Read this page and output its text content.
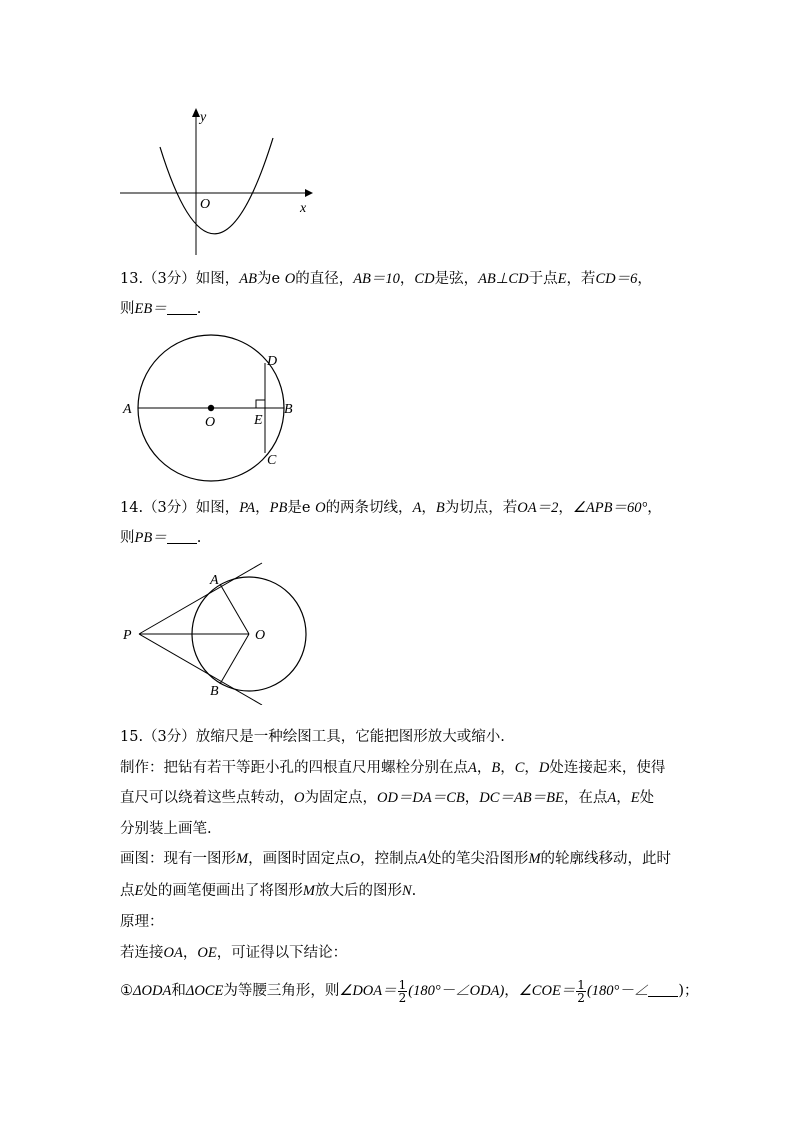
y
x
O
13.（3分）如图，AB为e O的直径，AB＝10，CD是弦，AB⊥CD于点E，若CD＝6，
则EB＝ .
A	B
O	E
D
C
14.（3分）如图，PA，PB是e O的两条切线，A，B为切点，若OA＝2，∠APB＝60°，
则PB＝ .
A
B
P	O
15.（3分）放缩尺是一种绘图工具，它能把图形放大或缩小.
制作：把钻有若干等距小孔的四根直尺用螺栓分别在点A，B，C，D处连接起来，使得
直尺可以绕着这些点转动，O为固定点，OD＝DA＝CB，DC＝AB＝BE，在点A，E处
分别装上画笔.
画图：现有一图形M，画图时固定点O，控制点A处的笔尖沿图形M的轮廓线移动，此时
点E处的画笔便画出了将图形M放大后的图形N.
原理：
若连接OA，OE，可证得以下结论：
①ΔODA和ΔOCE为等腰三角形，则∠DOA＝ $\frac{1}{2}$ (180°－∠ODA)，∠COE＝ $\frac{1}{2}$ (180°－∠ )；
